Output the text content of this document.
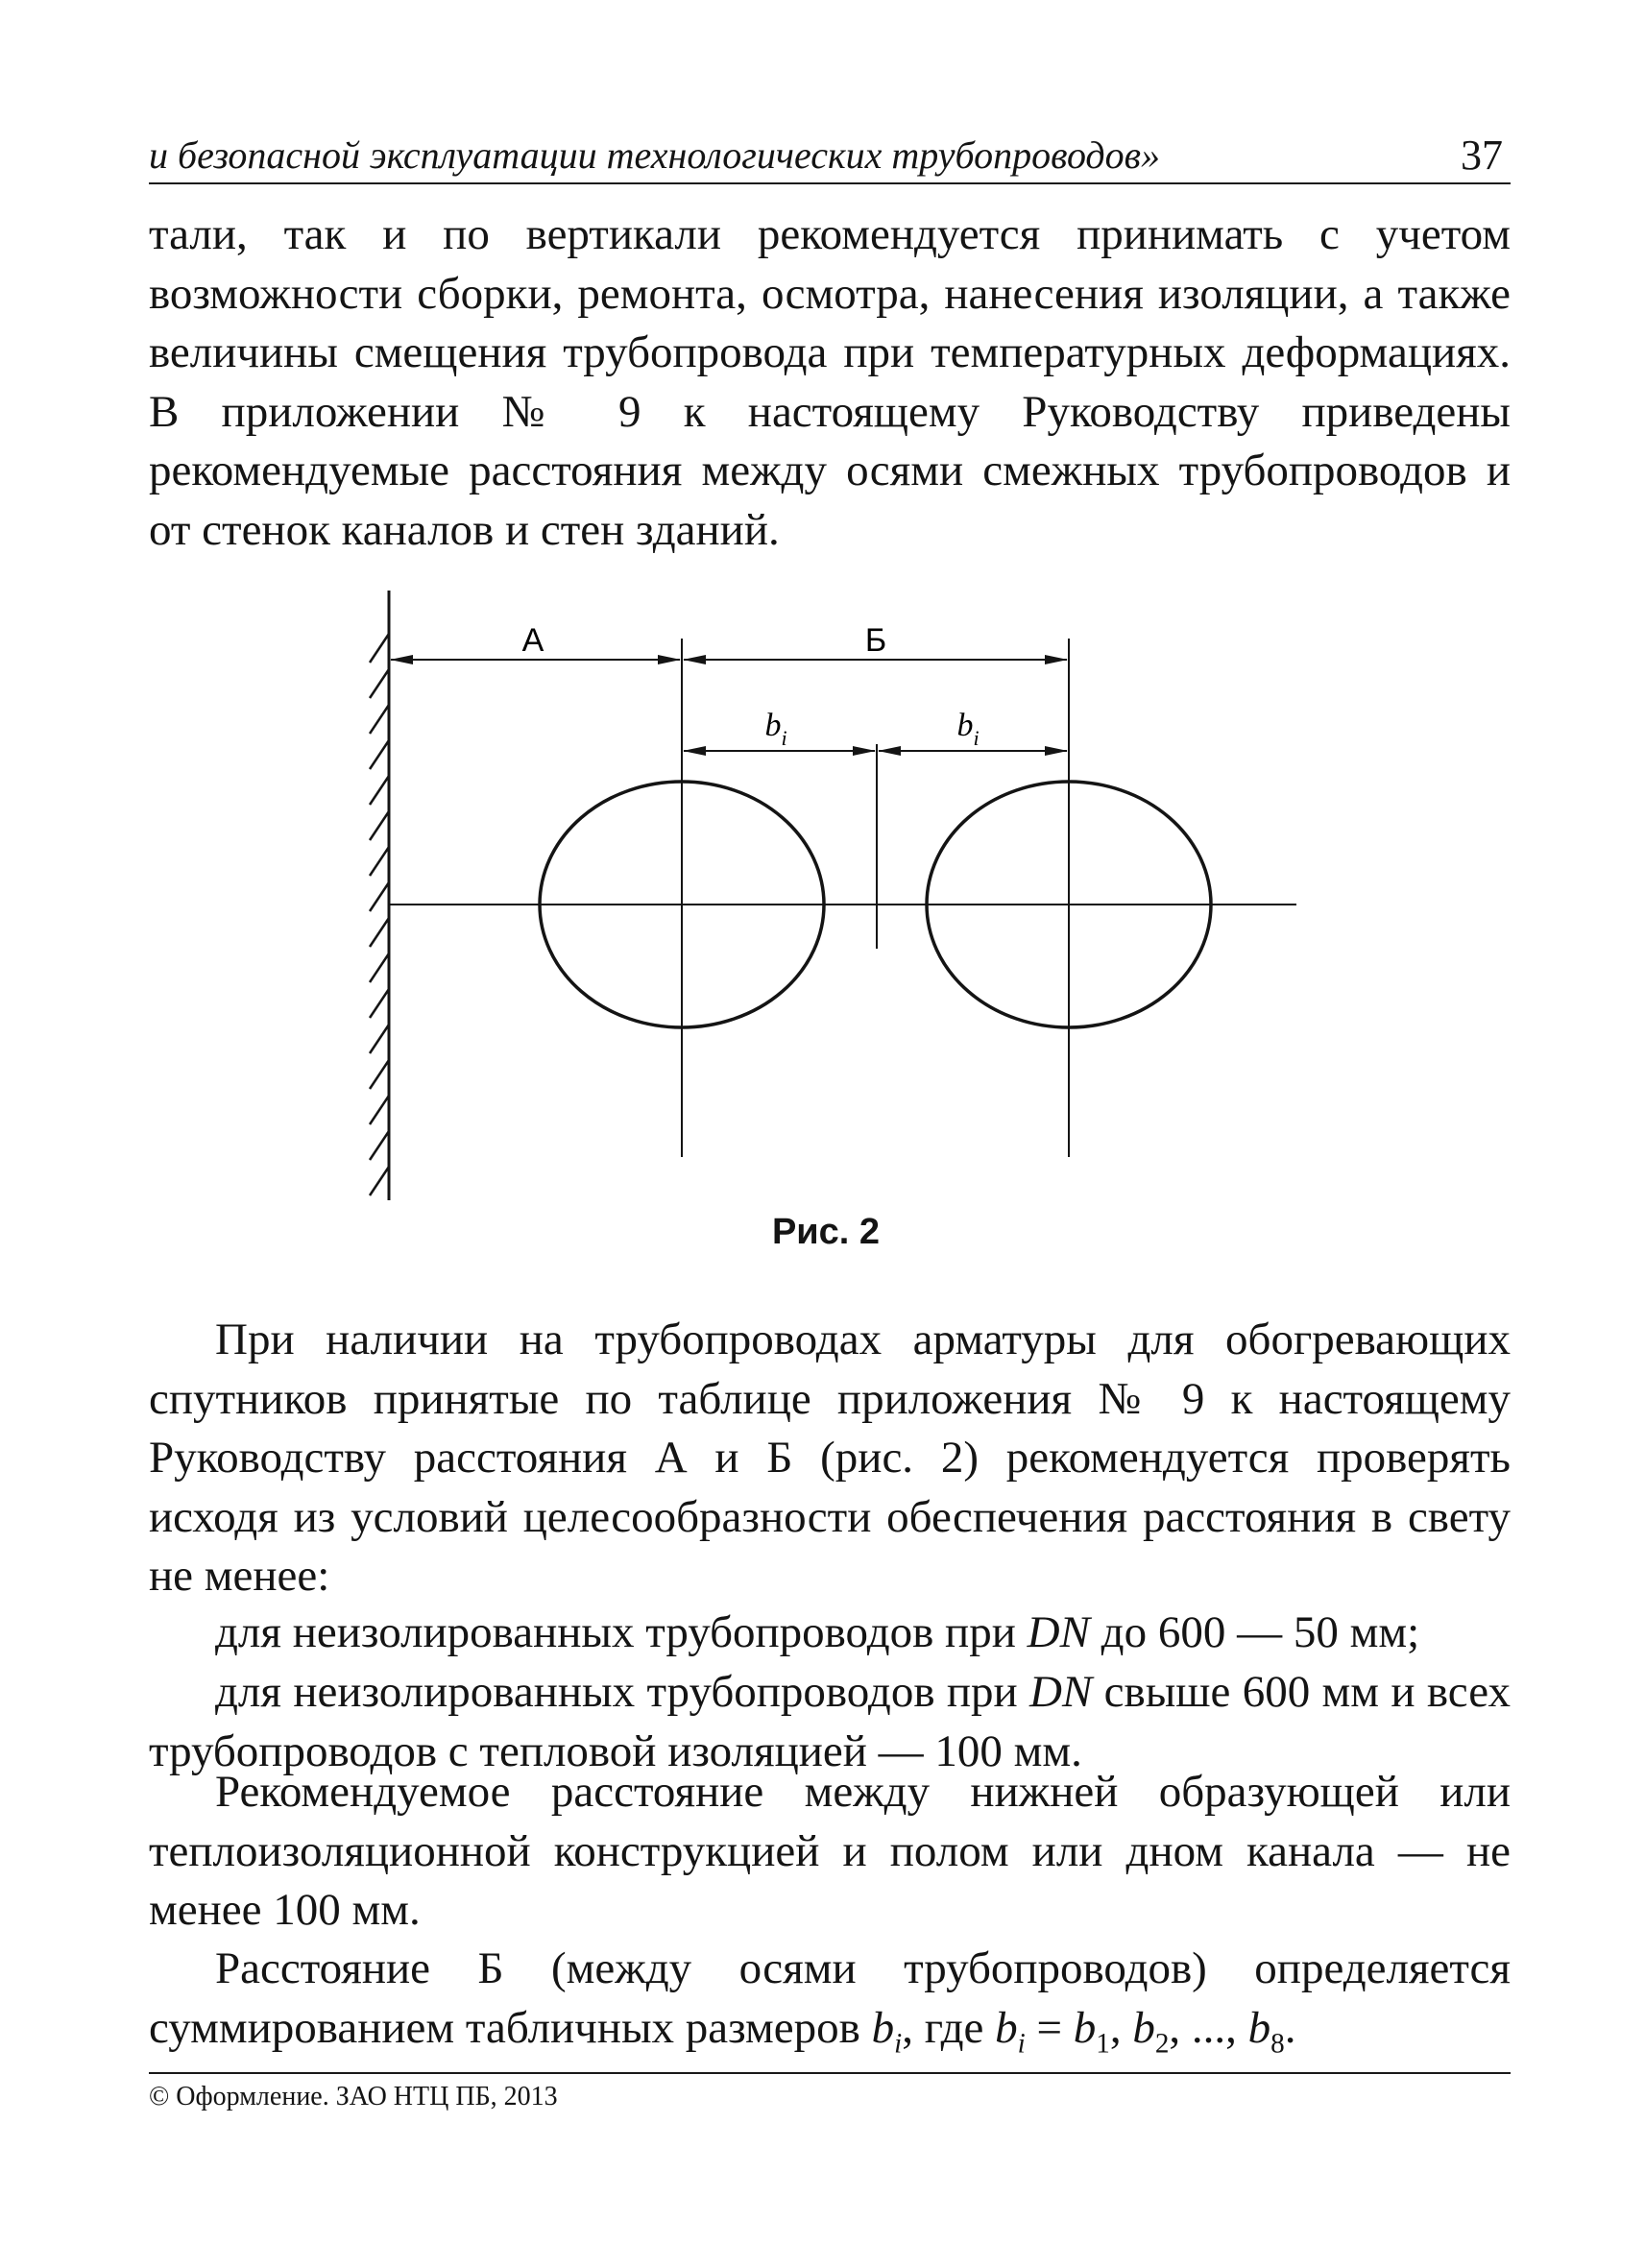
и безопасной эксплуатации технологических трубопроводов»	37

тали, так и по вертикали рекомендуется принимать с учетом возможности сборки, ремонта, осмотра, нанесения изоляции, а также величины смещения трубопровода при температурных деформациях. В приложении № 9 к настоящему Руководству приведены рекомендуемые расстояния между осями смежных трубопроводов и от стенок каналов и стен зданий.

А	Б
$b_i$	$b_i$
Рис. 2

При наличии на трубопроводах арматуры для обогревающих спутников принятые по таблице приложения № 9 к настоящему Руководству расстояния А и Б (рис. 2) рекомендуется проверять исходя из условий целесообразности обеспечения расстояния в свету не менее:

для неизолированных трубопроводов при DN до 600 — 50 мм;

для неизолированных трубопроводов при DN свыше 600 мм и всех трубопроводов с тепловой изоляцией — 100 мм.

Рекомендуемое расстояние между нижней образующей или теплоизоляционной конструкцией и полом или дном канала — не менее 100 мм.

Расстояние Б (между осями трубопроводов) определяется суммированием табличных размеров $b_i$, где $b_i = b_1$, $b_2$, ..., $b_8$.

© Оформление. ЗАО НТЦ ПБ, 2013
